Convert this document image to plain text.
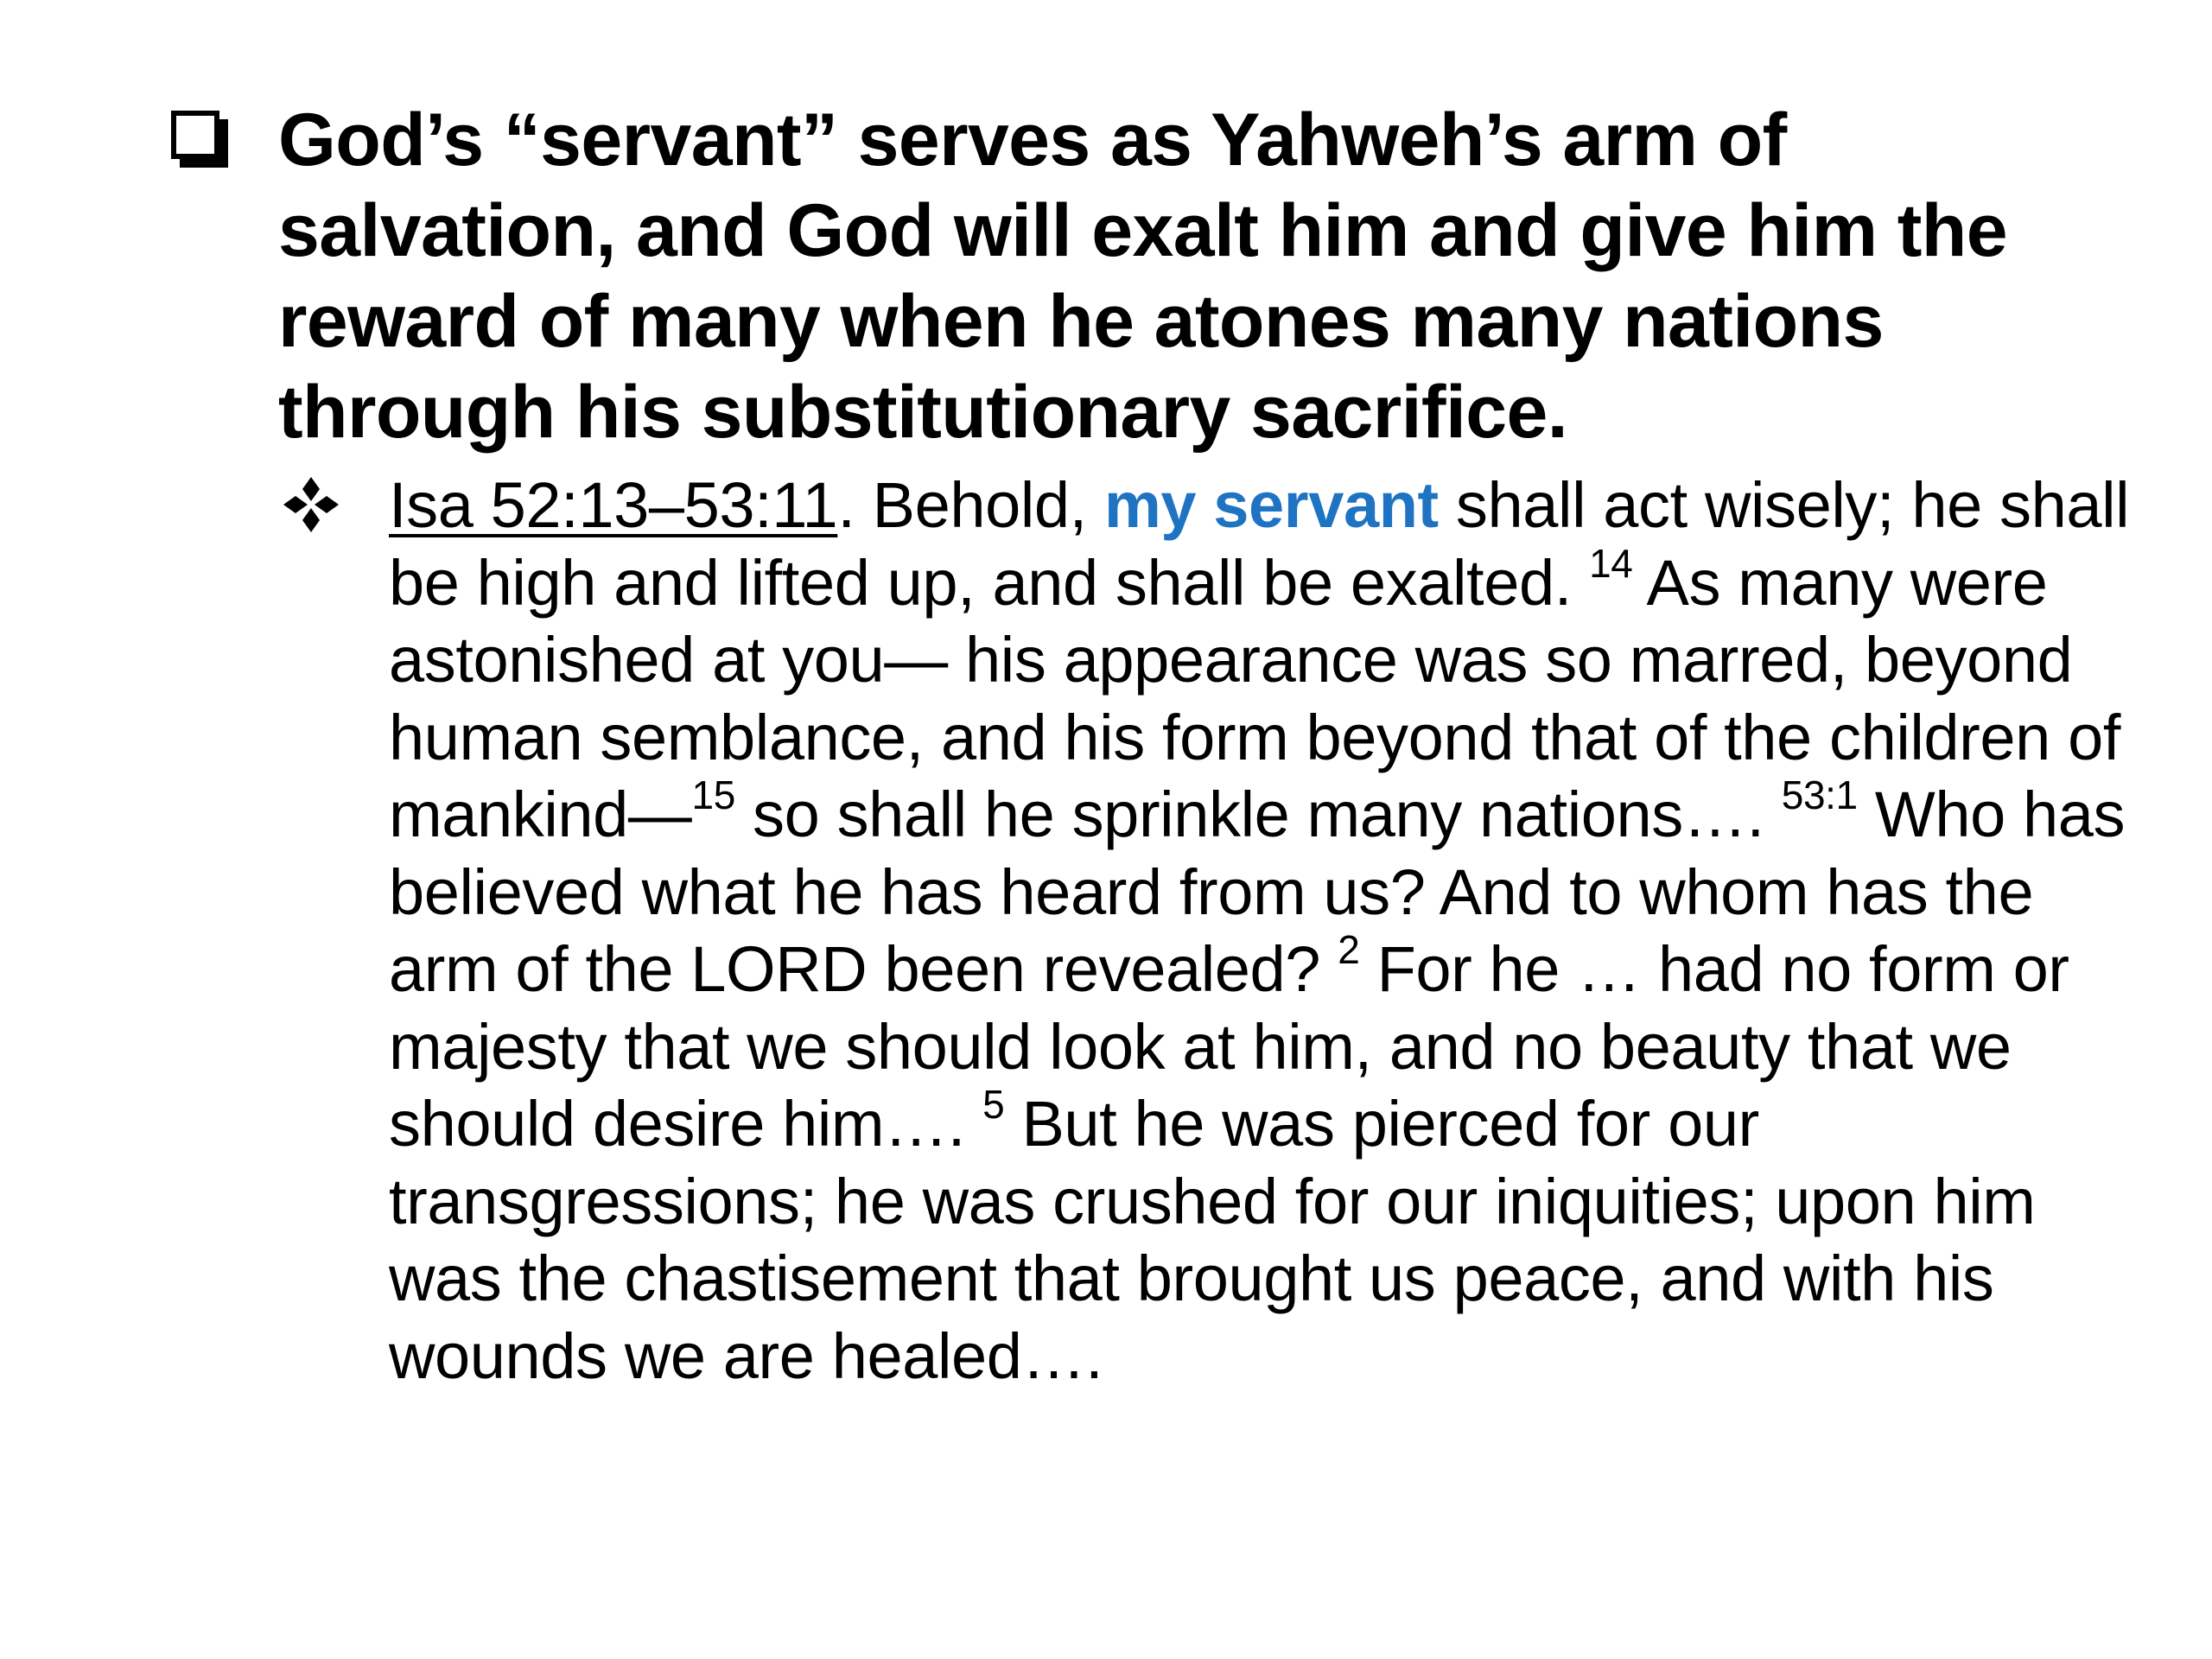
God’s “servant” serves as Yahweh’s arm of salvation, and God will exalt him and give him the reward of many when he atones many nations through his substitutionary sacrifice.

Isa 52:13–53:11. Behold, my servant shall act wisely; he shall be high and lifted up, and shall be exalted. $^{14}$ As many were astonished at you— his appearance was so marred, beyond human semblance, and his form beyond that of the children of mankind—$^{15}$ so shall he sprinkle many nations…. $^{53:1}$ Who has believed what he has heard from us? And to whom has the arm of the LORD been revealed? $^2$ For he … had no form or majesty that we should look at him, and no beauty that we should desire him…. $^5$ But he was pierced for our transgressions; he was crushed for our iniquities; upon him was the chastisement that brought us peace, and with his wounds we are healed….
